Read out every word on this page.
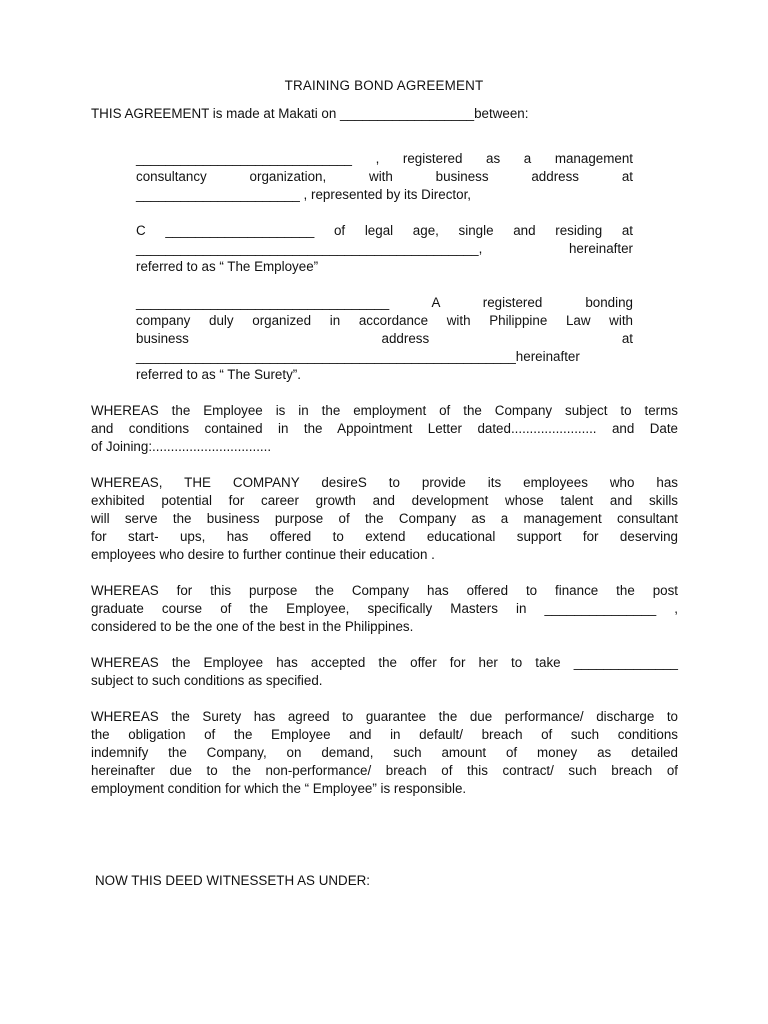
TRAINING BOND AGREEMENT
THIS AGREEMENT is made at Makati on __________________between:

_____________________________ , registered as a management

consultancy organization, with business address at

______________________ , represented by its Director,

C ____________________ of legal age, single and residing at

______________________________________________, hereinafter

referred to as “ The Employee”

__________________________________ A registered bonding

company duly organized in accordance with Philippine Law with

business address at

___________________________________________________hereinafter

referred to as “ The Surety”.

WHEREAS the Employee is in the employment of the Company subject to terms

and conditions contained in the Appointment Letter dated....................... and Date

of Joining:................................

WHEREAS, THE COMPANY desireS to provide its employees who has

exhibited potential for career growth and development whose talent and skills

will serve the business purpose of the Company as a management consultant

for start- ups, has offered to extend educational support for deserving

employees who desire to further continue their education .

WHEREAS for this purpose the Company has offered to finance the post

graduate course of the Employee, specifically Masters in _______________ ,

considered to be the one of the best in the Philippines.

WHEREAS the Employee has accepted the offer for her to take ______________

subject to such conditions as specified.

WHEREAS the Surety has agreed to guarantee the due performance/ discharge to

the obligation of the Employee and in default/ breach of such conditions

indemnify the Company, on demand, such amount of money as detailed

hereinafter due to the non-performance/ breach of this contract/ such breach of

employment condition for which the “ Employee” is responsible.

NOW THIS DEED WITNESSETH AS UNDER:
